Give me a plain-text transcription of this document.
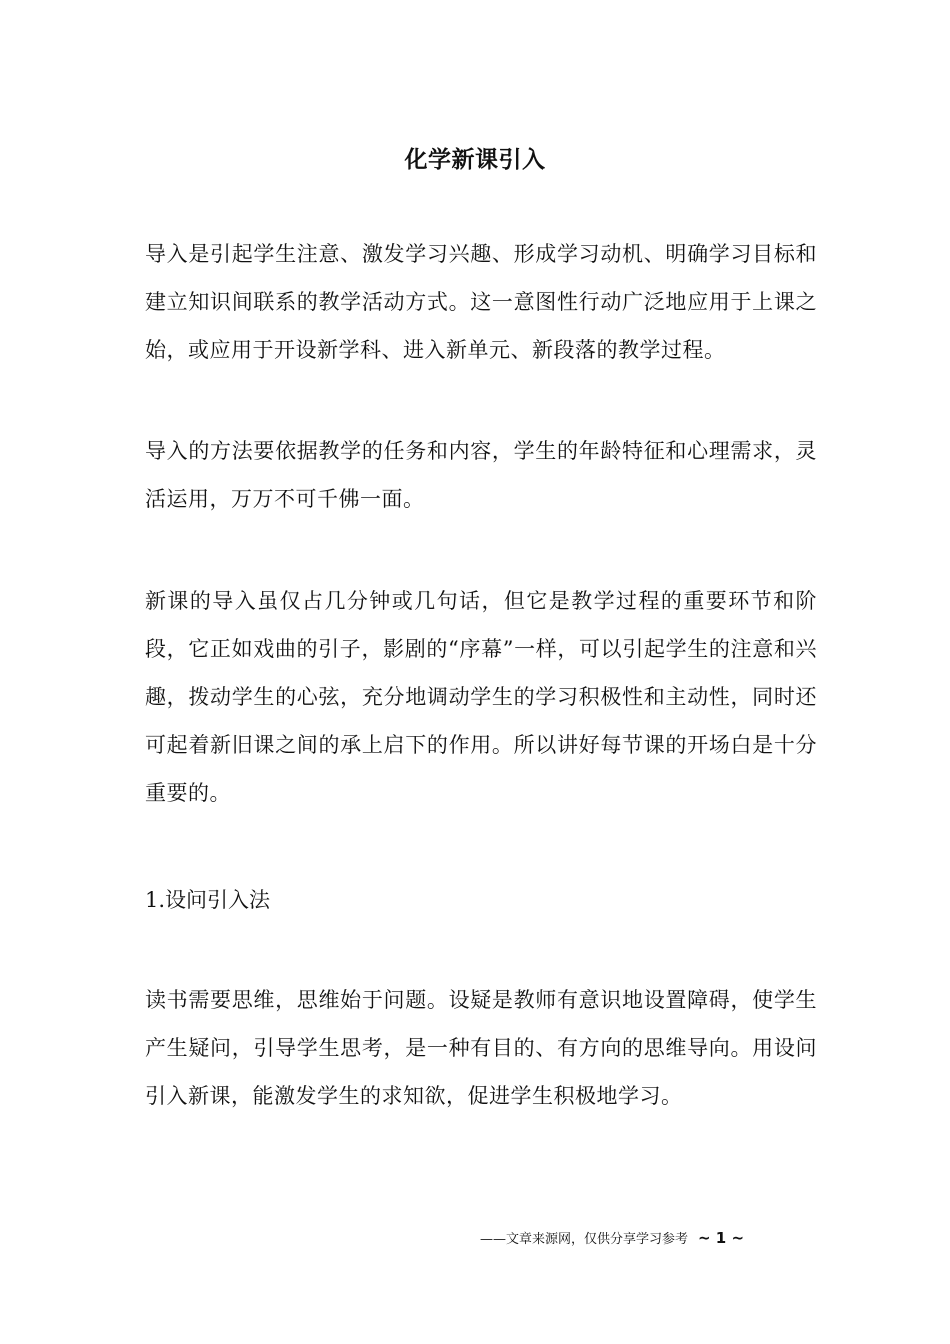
化学新课引入

导入是引起学生注意、激发学习兴趣、形成学习动机、明确学习目标和建立知识间联系的教学活动方式。这一意图性行动广泛地应用于上课之始，或应用于开设新学科、进入新单元、新段落的教学过程。

导入的方法要依据教学的任务和内容，学生的年龄特征和心理需求，灵活运用，万万不可千佛一面。

新课的导入虽仅占几分钟或几句话，但它是教学过程的重要环节和阶段，它正如戏曲的引子，影剧的“序幕”一样，可以引起学生的注意和兴趣，拨动学生的心弦，充分地调动学生的学习积极性和主动性，同时还可起着新旧课之间的承上启下的作用。所以讲好每节课的开场白是十分重要的。

1.设问引入法

读书需要思维，思维始于问题。设疑是教师有意识地设置障碍，使学生产生疑问，引导学生思考，是一种有目的、有方向的思维导向。用设问引入新课，能激发学生的求知欲，促进学生积极地学习。

——文章来源网，仅供分享学习参考 ~ 1 ~
